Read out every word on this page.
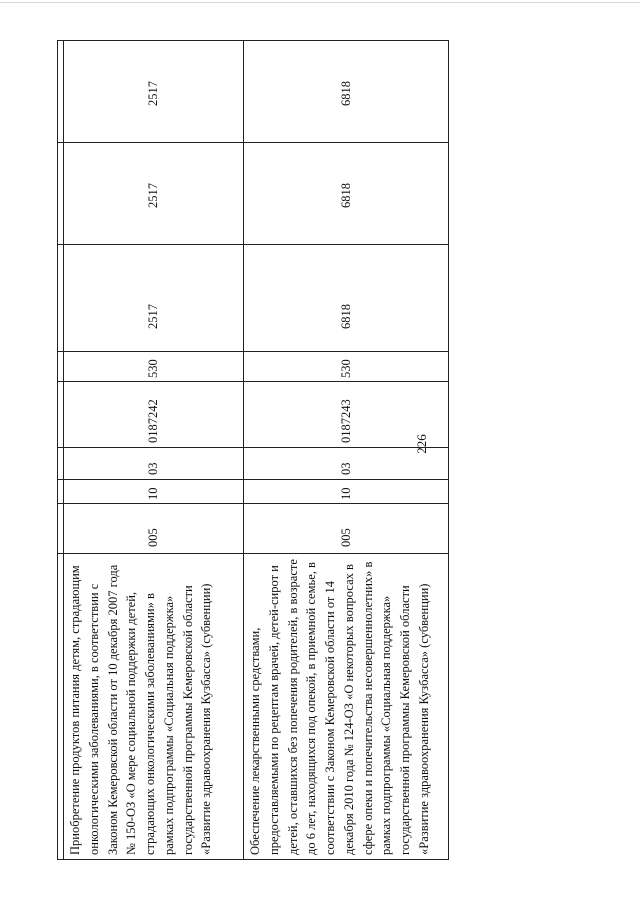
226

Приобретение продуктов питания детям, страдающим онкологическими заболеваниями, в соответствии с Законом Кемеровской области от 10 декабря 2007 года № 150-ОЗ «О мере социальной поддержки детей, страдающих онкологическими заболеваниями» в рамках подпрограммы «Социальная поддержка» государственной программы Кемеровской области «Развитие здравоохранения Кузбасса» (субвенции)	005	10	03	0187242	530	2517	2517	2517
Обеспечение лекарственными средствами, предоставляемыми по рецептам врачей, детей-сирот и детей, оставшихся без попечения родителей, в возрасте до 6 лет, находящихся под опекой, в приемной семье, в соответствии с Законом Кемеровской области от 14 декабря 2010 года № 124-ОЗ «О некоторых вопросах в сфере опеки и попечительства несовершеннолетних» в рамках подпрограммы «Социальная поддержка» государственной программы Кемеровской области «Развитие здравоохранения Кузбасса» (субвенции)	005	10	03	0187243	530	6818	6818	6818
